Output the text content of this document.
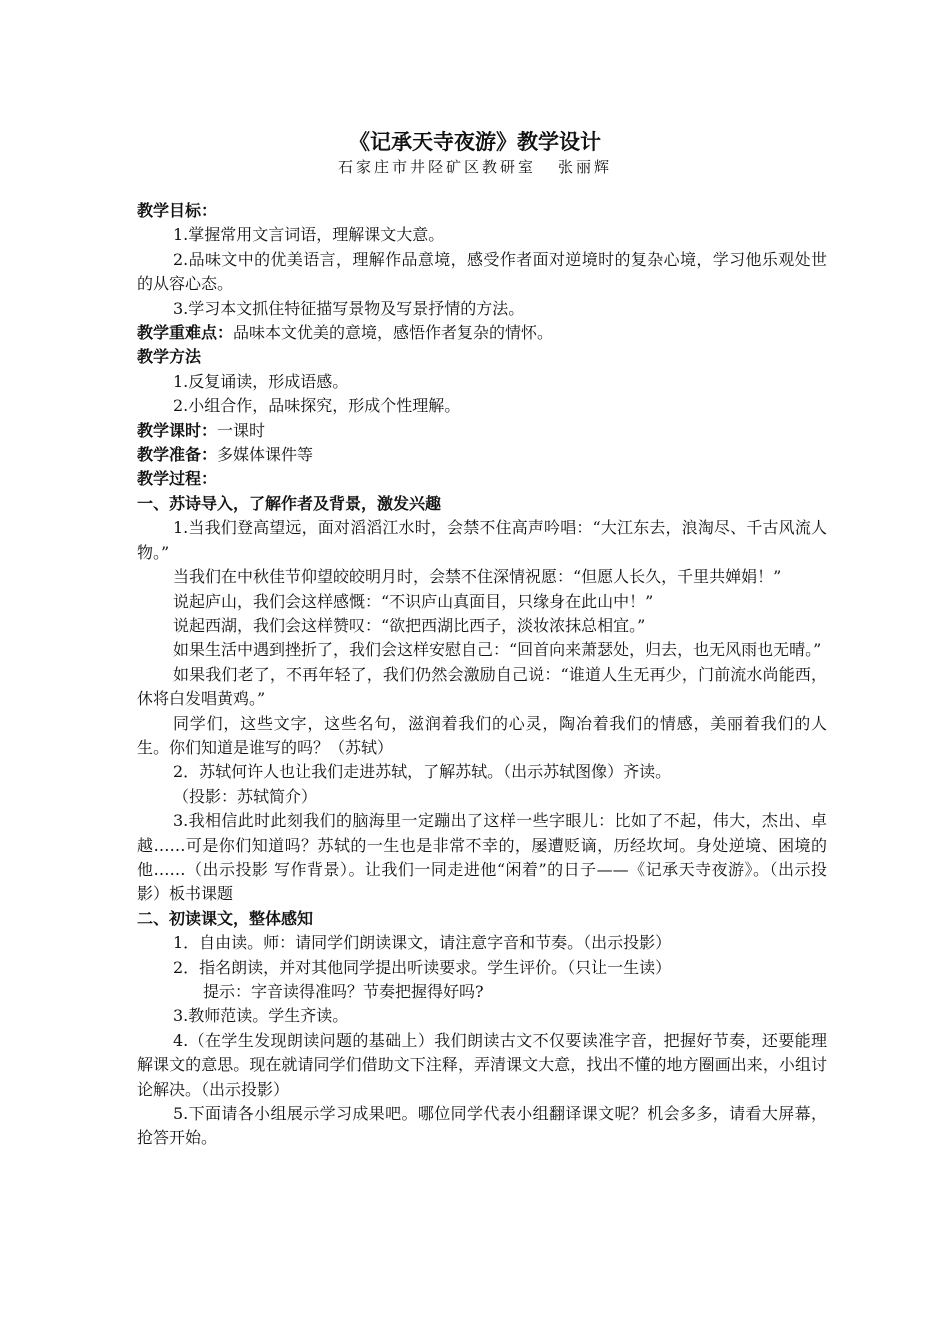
《记承天寺夜游》教学设计
石家庄市井陉矿区教研室 张丽辉

教学目标：

1.掌握常用文言词语，理解课文大意。

2.品味文中的优美语言，理解作品意境，感受作者面对逆境时的复杂心境，学习他乐观处世的从容心态。

3.学习本文抓住特征描写景物及写景抒情的方法。

教学重难点：品味本文优美的意境，感悟作者复杂的情怀。

教学方法

1.反复诵读，形成语感。

2.小组合作，品味探究，形成个性理解。

教学课时：一课时

教学准备：多媒体课件等

教学过程：

一、苏诗导入，了解作者及背景，激发兴趣

1.当我们登高望远，面对滔滔江水时，会禁不住高声吟唱：“大江东去，浪淘尽、千古风流人物。”

当我们在中秋佳节仰望皎皎明月时，会禁不住深情祝愿：“但愿人长久，千里共婵娟！”

说起庐山，我们会这样感慨：“不识庐山真面目，只缘身在此山中！”

说起西湖，我们会这样赞叹：“欲把西湖比西子，淡妆浓抹总相宜。”

如果生活中遇到挫折了，我们会这样安慰自己：“回首向来萧瑟处，归去，也无风雨也无晴。”

如果我们老了，不再年轻了，我们仍然会激励自己说：“谁道人生无再少，门前流水尚能西，休将白发唱黄鸡。”

同学们，这些文字，这些名句，滋润着我们的心灵，陶冶着我们的情感，美丽着我们的人生。你们知道是谁写的吗？（苏轼）

2．苏轼何许人也让我们走进苏轼，了解苏轼。（出示苏轼图像）齐读。

（投影：苏轼简介）

3.我相信此时此刻我们的脑海里一定蹦出了这样一些字眼儿：比如了不起，伟大，杰出、卓越……可是你们知道吗？苏轼的一生也是非常不幸的，屡遭贬谪，历经坎坷。身处逆境、困境的他……（出示投影 写作背景）。让我们一同走进他“闲着”的日子——《记承天寺夜游》。（出示投影）板书课题

二、初读课文，整体感知

1．自由读。师：请同学们朗读课文，请注意字音和节奏。（出示投影）

2．指名朗读，并对其他同学提出听读要求。学生评价。（只让一生读）

提示：字音读得准吗？节奏把握得好吗?

3.教师范读。学生齐读。

4.（在学生发现朗读问题的基础上）我们朗读古文不仅要读准字音，把握好节奏，还要能理解课文的意思。现在就请同学们借助文下注释，弄清课文大意，找出不懂的地方圈画出来，小组讨论解决。（出示投影）

5.下面请各小组展示学习成果吧。哪位同学代表小组翻译课文呢？机会多多，请看大屏幕，抢答开始。
